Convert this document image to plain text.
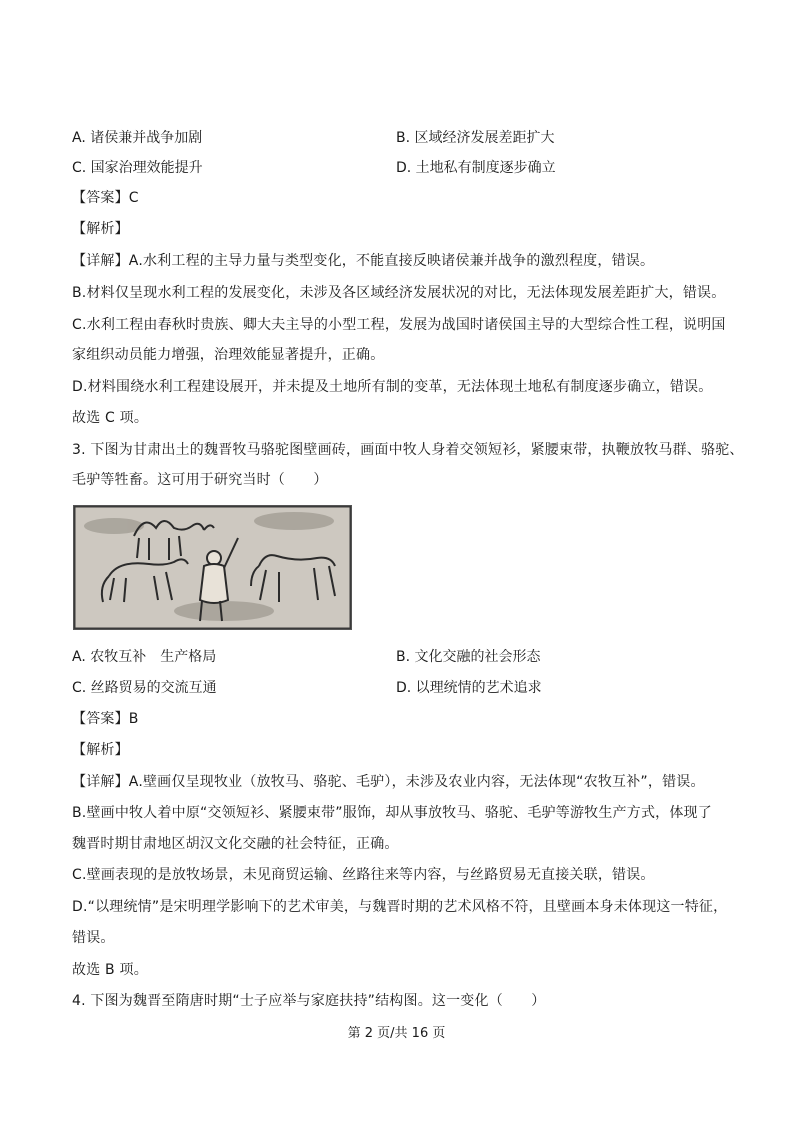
A. 诸侯兼并战争加剧	B. 区域经济发展差距扩大
C. 国家治理效能提升	D. 土地私有制度逐步确立
【答案】C
【解析】
【详解】A.水利工程的主导力量与类型变化，不能直接反映诸侯兼并战争的激烈程度，错误。
B.材料仅呈现水利工程的发展变化，未涉及各区域经济发展状况的对比，无法体现发展差距扩大，错误。
C.水利工程由春秋时贵族、卿大夫主导的小型工程，发展为战国时诸侯国主导的大型综合性工程，说明国
家组织动员能力增强，治理效能显著提升，正确。
D.材料围绕水利工程建设展开，并未提及土地所有制的变革，无法体现土地私有制度逐步确立，错误。
故选 C 项。
3. 下图为甘肃出土的魏晋牧马骆驼图壁画砖，画面中牧人身着交领短衫，紧腰束带，执鞭放牧马群、骆驼、
毛驴等牲畜。这可用于研究当时（　　）
A. 农牧互补　生产格局	B. 文化交融的社会形态
C. 丝路贸易的交流互通	D. 以理统情的艺术追求
【答案】B
【解析】
【详解】A.壁画仅呈现牧业（放牧马、骆驼、毛驴），未涉及农业内容，无法体现“农牧互补”，错误。
B.壁画中牧人着中原“交领短衫、紧腰束带”服饰，却从事放牧马、骆驼、毛驴等游牧生产方式，体现了
魏晋时期甘肃地区胡汉文化交融的社会特征，正确。
C.壁画表现的是放牧场景，未见商贸运输、丝路往来等内容，与丝路贸易无直接关联，错误。
D.“以理统情”是宋明理学影响下的艺术审美，与魏晋时期的艺术风格不符，且壁画本身未体现这一特征，
错误。
故选 B 项。
4. 下图为魏晋至隋唐时期“士子应举与家庭扶持”结构图。这一变化（　　）
第 2 页/共 16 页
